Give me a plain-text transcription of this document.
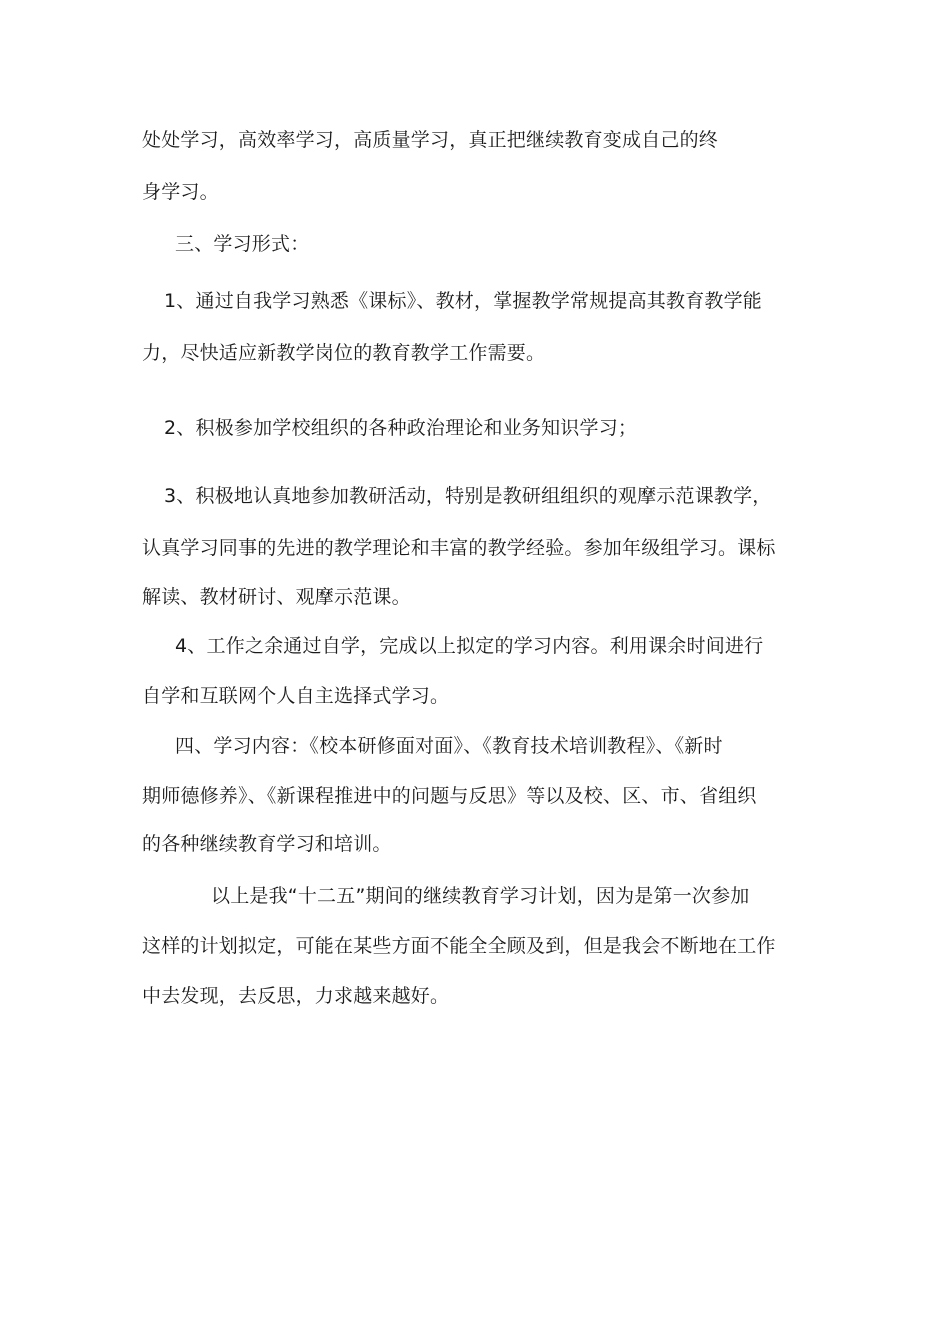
处处学习，高效率学习，高质量学习，真正把继续教育变成自己的终
身学习。
三、学习形式：
1、通过自我学习熟悉《课标》、教材，掌握教学常规提高其教育教学能
力，尽快适应新教学岗位的教育教学工作需要。
2、积极参加学校组织的各种政治理论和业务知识学习；
3、积极地认真地参加教研活动，特别是教研组组织的观摩示范课教学，
认真学习同事的先进的教学理论和丰富的教学经验。参加年级组学习。课标
解读、教材研讨、观摩示范课。
4、工作之余通过自学，完成以上拟定的学习内容。利用课余时间进行
自学和互联网个人自主选择式学习。
四、学习内容：《校本研修面对面》、《教育技术培训教程》、《新时
期师德修养》、《新课程推进中的问题与反思》等以及校、区、市、省组织
的各种继续教育学习和培训。
以上是我“十二五”期间的继续教育学习计划，因为是第一次参加
这样的计划拟定，可能在某些方面不能全全顾及到，但是我会不断地在工作
中去发现，去反思，力求越来越好。
